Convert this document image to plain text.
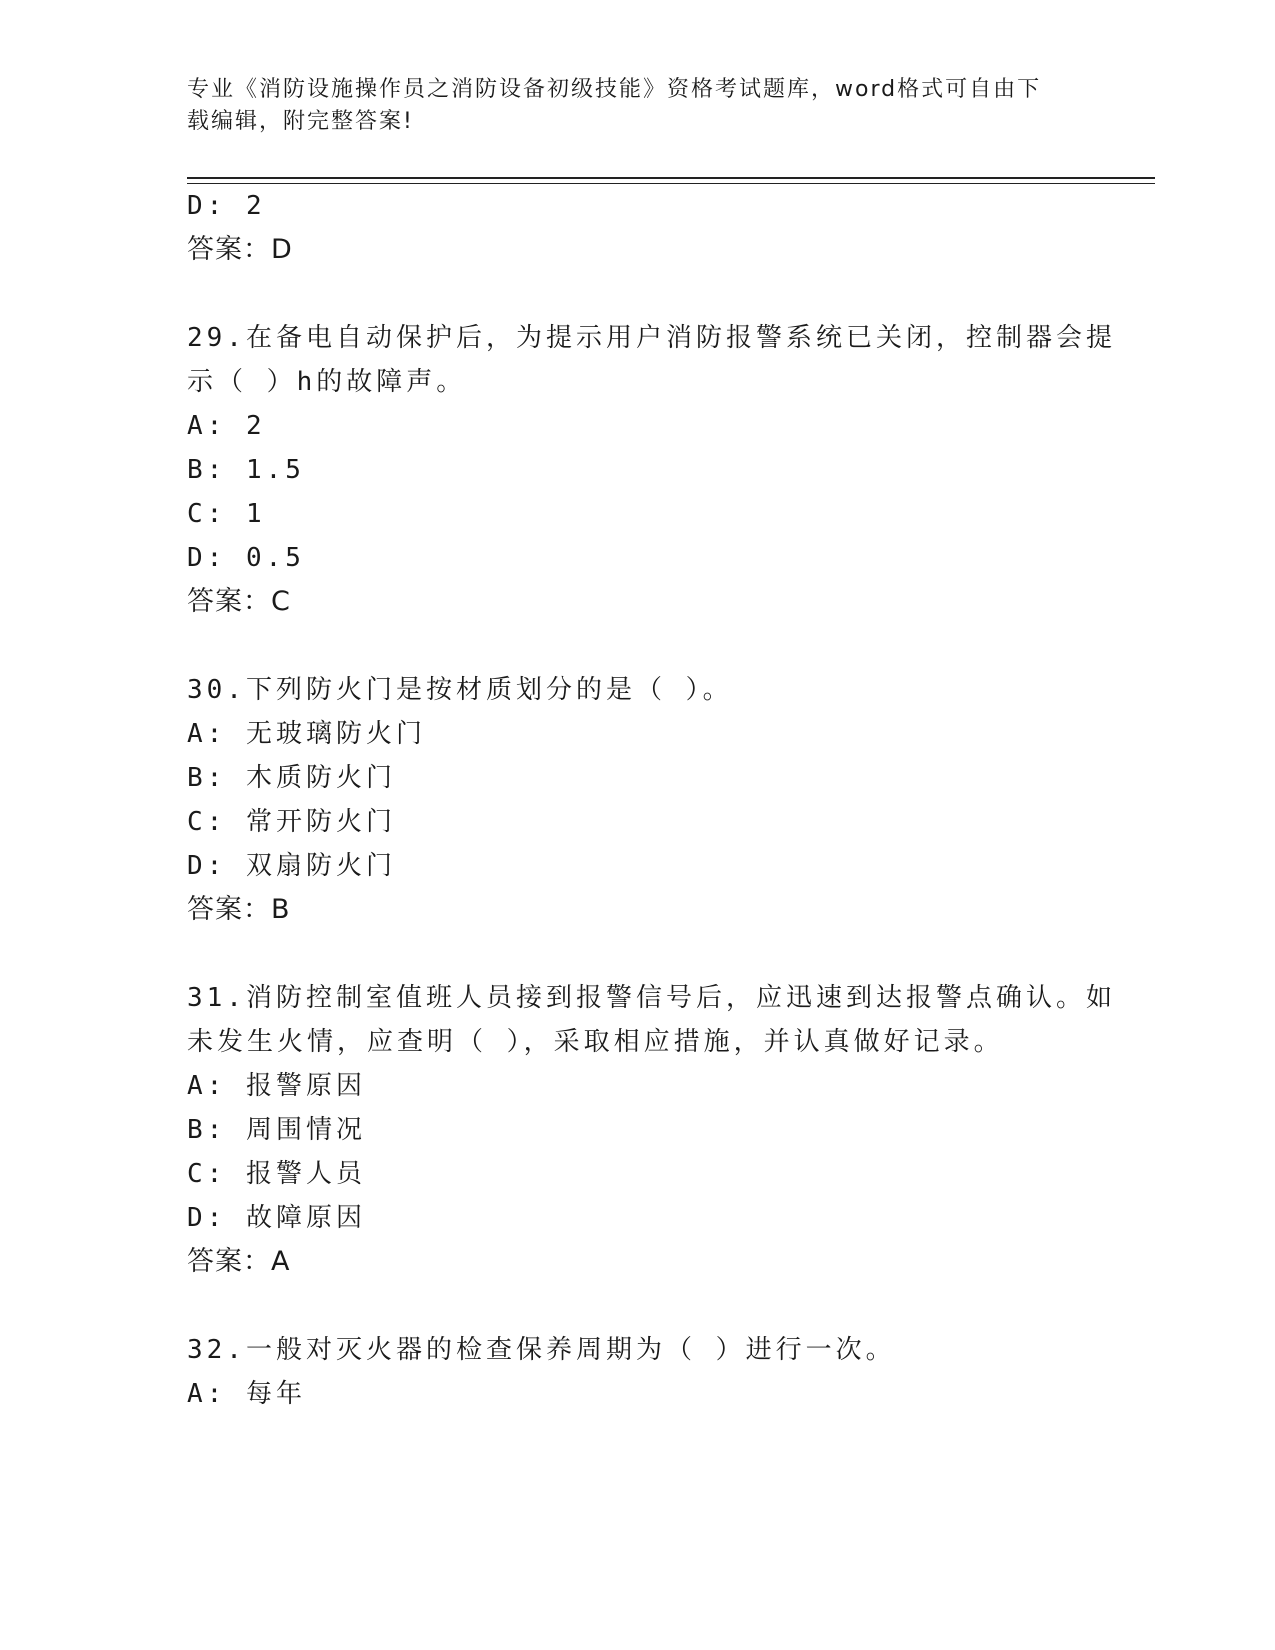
专业《消防设施操作员之消防设备初级技能》资格考试题库，word格式可自由下
载编辑，附完整答案!
D: 2
答案：D
29.在备电自动保护后，为提示用户消防报警系统已关闭，控制器会提
示（ ）h的故障声。
A: 2
B: 1.5
C: 1
D: 0.5
答案：C
30.下列防火门是按材质划分的是（ ）。
A: 无玻璃防火门
B: 木质防火门
C: 常开防火门
D: 双扇防火门
答案：B
31.消防控制室值班人员接到报警信号后，应迅速到达报警点确认。如
未发生火情，应查明（ ），采取相应措施，并认真做好记录。
A: 报警原因
B: 周围情况
C: 报警人员
D: 故障原因
答案：A
32.一般对灭火器的检查保养周期为（ ）进行一次。
A: 每年
